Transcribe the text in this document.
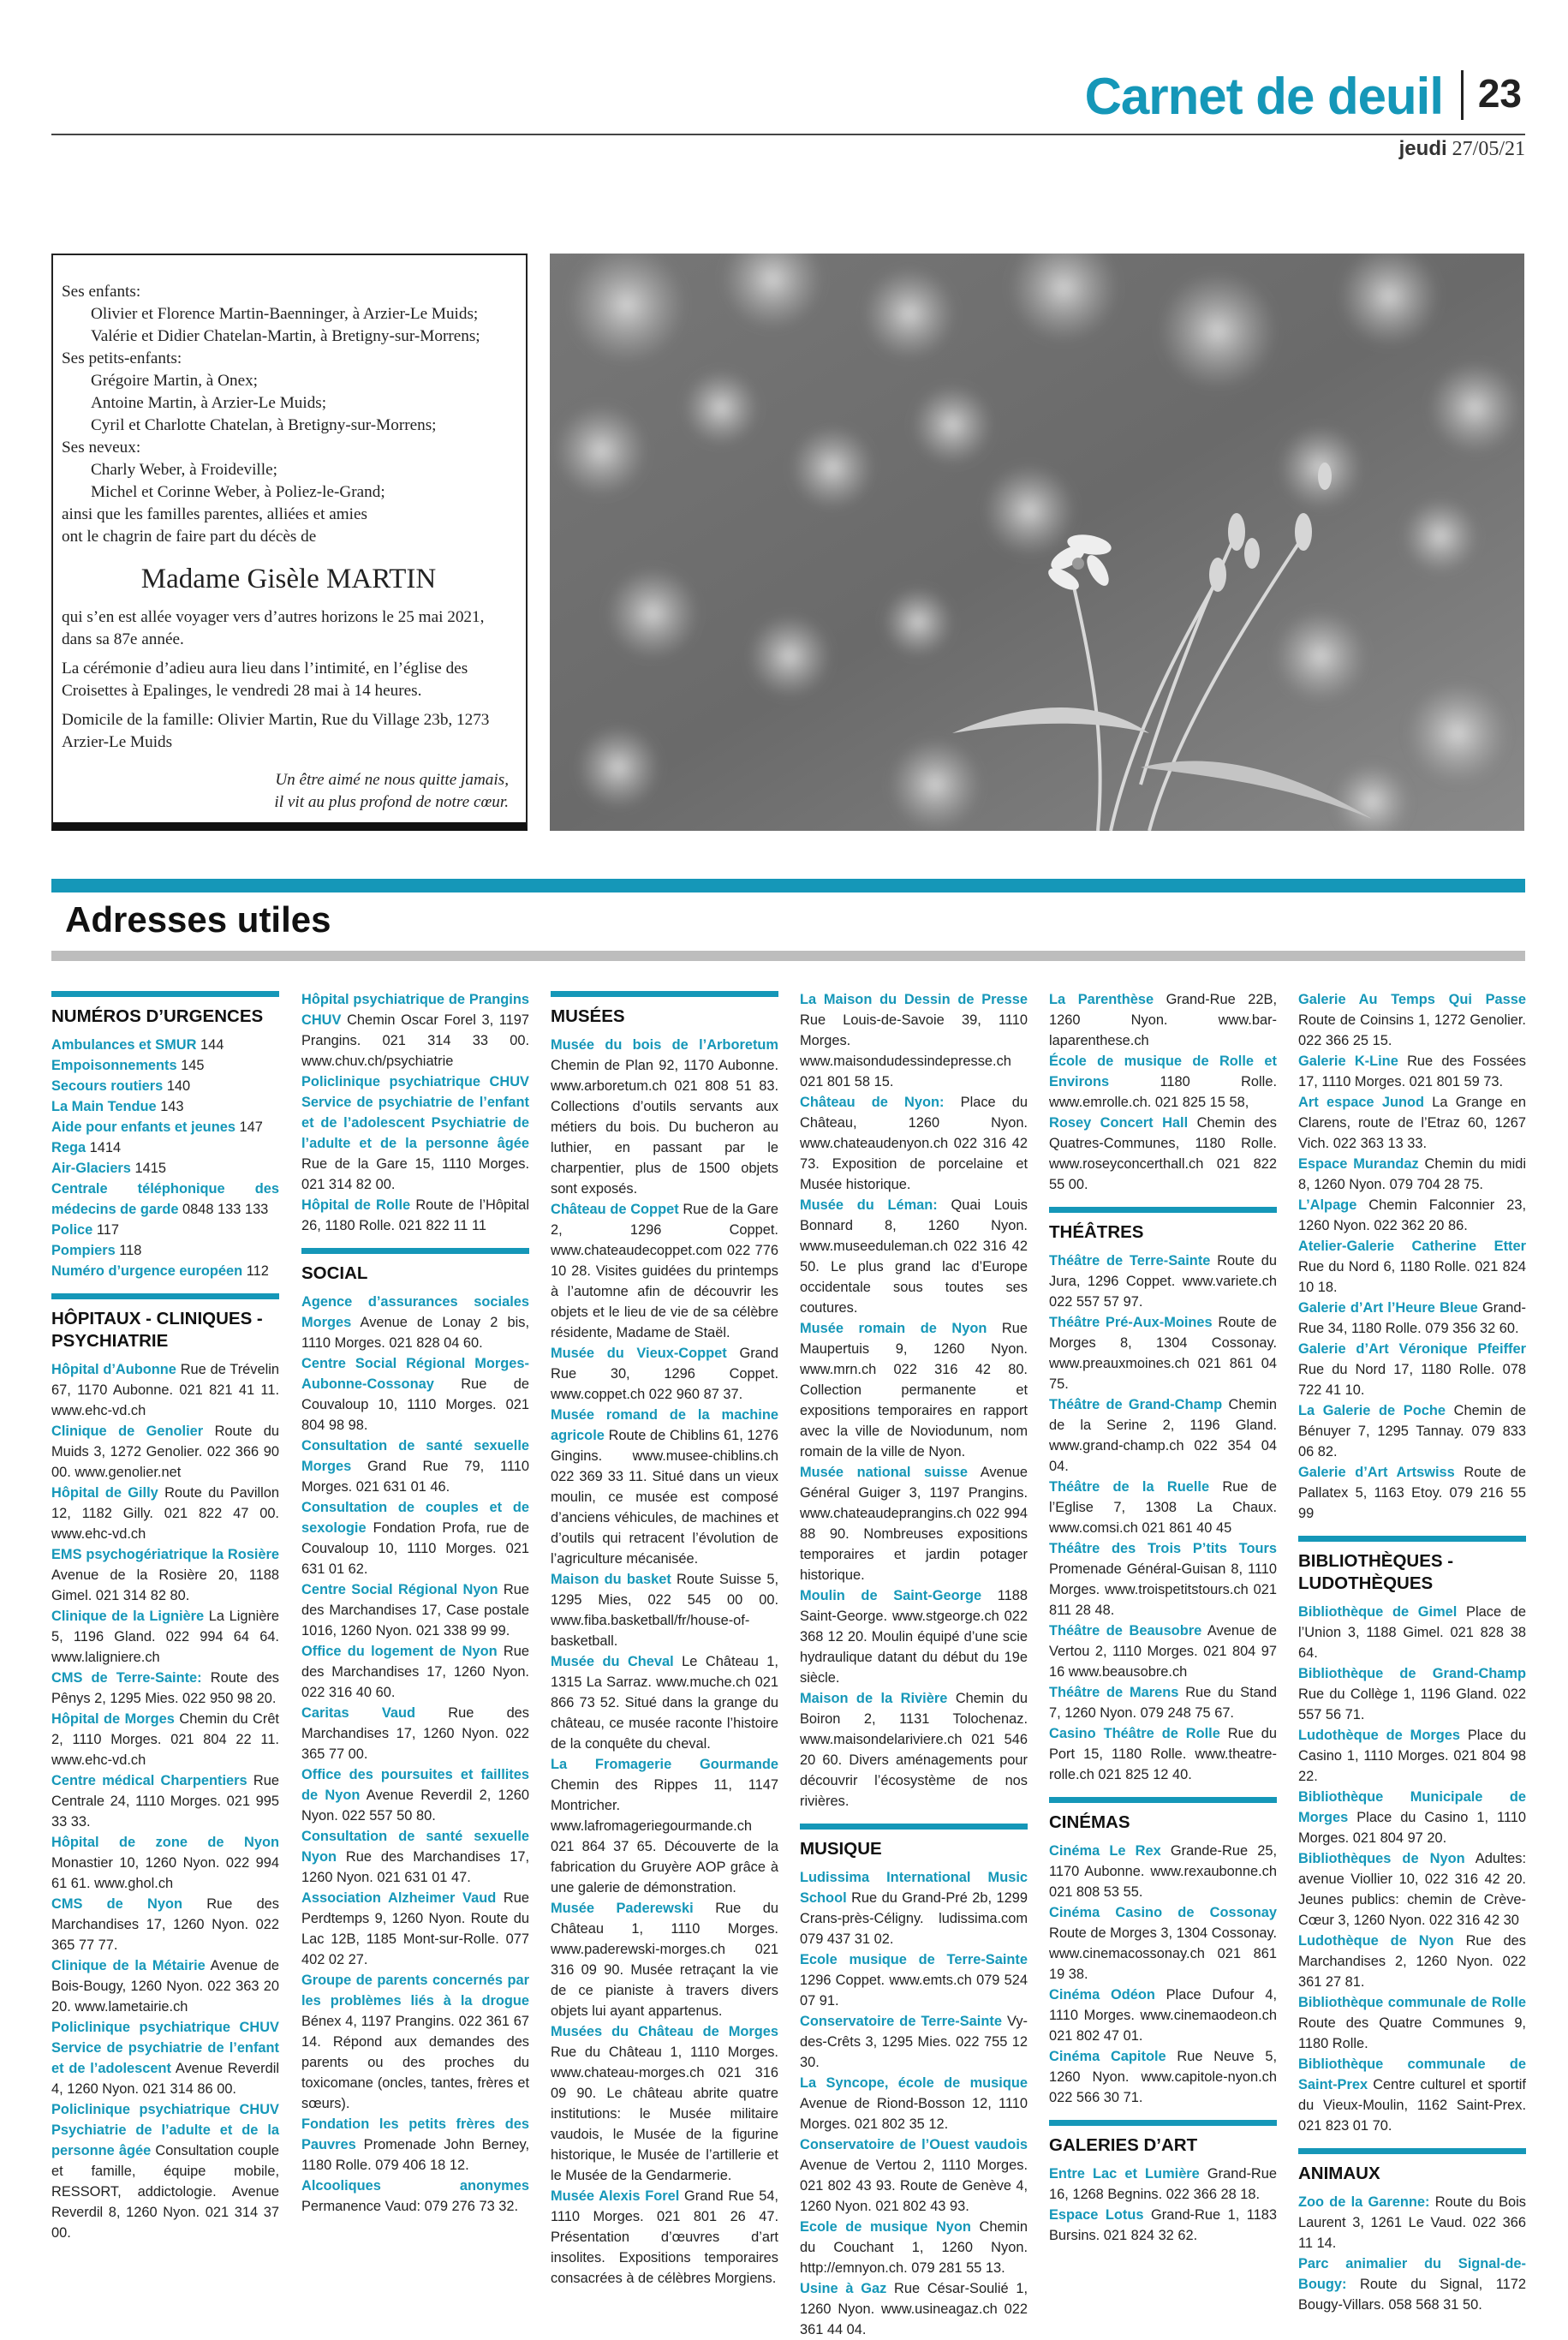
Carnet de deuil 23
jeudi 27/05/21
Ses enfants:
Olivier et Florence Martin-Baenninger, à Arzier-Le Muids;
Valérie et Didier Chatelan-Martin, à Bretigny-sur-Morrens;
Ses petits-enfants:
Grégoire Martin, à Onex;
Antoine Martin, à Arzier-Le Muids;
Cyril et Charlotte Chatelan, à Bretigny-sur-Morrens;
Ses neveux:
Charly Weber, à Froideville;
Michel et Corinne Weber, à Poliez-le-Grand;
ainsi que les familles parentes, alliées et amies
ont le chagrin de faire part du décès de
Madame Gisèle MARTIN
qui s’en est allée voyager vers d’autres horizons le 25 mai 2021, dans sa 87e année.
La cérémonie d’adieu aura lieu dans l’intimité, en l’église des Croisettes à Epalinges, le vendredi 28 mai à 14 heures.
Domicile de la famille: Olivier Martin, Rue du Village 23b, 1273 Arzier-Le Muids
Un être aimé ne nous quitte jamais,
il vit au plus profond de notre cœur.
Adresses utiles
NUMÉROS D’URGENCES

Ambulances et SMUR 144

Empoisonnements 145

Secours routiers 140

La Main Tendue 143

Aide pour enfants et jeunes 147

Rega 1414

Air-Glaciers 1415

Centrale téléphonique des médecins de garde 0848 133 133

Police 117

Pompiers 118

Numéro d’urgence européen 112

HÔPITAUX - CLINIQUES - PSYCHIATRIE

Hôpital d’Aubonne Rue de Trévelin 67, 1170 Aubonne. 021 821 41 11. www.ehc-vd.ch

Clinique de Genolier Route du Muids 3, 1272 Genolier. 022 366 90 00. www.genolier.net

Hôpital de Gilly Route du Pavillon 12, 1182 Gilly. 021 822 47 00. www.ehc-vd.ch

EMS psychogériatrique la Rosière Avenue de la Rosière 20, 1188 Gimel. 021 314 82 80.

Clinique de la Lignière La Lignière 5, 1196 Gland. 022 994 64 64. www.laligniere.ch

CMS de Terre-Sainte: Route des Pênys 2, 1295 Mies. 022 950 98 20.

Hôpital de Morges Chemin du Crêt 2, 1110 Morges. 021 804 22 11. www.ehc-vd.ch

Centre médical Charpentiers Rue Centrale 24, 1110 Morges. 021 995 33 33.

Hôpital de zone de Nyon Monastier 10, 1260 Nyon. 022 994 61 61. www.ghol.ch

CMS de Nyon Rue des Marchandises 17, 1260 Nyon. 022 365 77 77.

Clinique de la Métairie Avenue de Bois-Bougy, 1260 Nyon. 022 363 20 20. www.lametairie.ch

Policlinique psychiatrique CHUV Service de psychiatrie de l’enfant et de l’adolescent Avenue Reverdil 4, 1260 Nyon. 021 314 86 00.

Policlinique psychiatrique CHUV Psychiatrie de l’adulte et de la personne âgée Consultation couple et famille, équipe mobile, RESSORT, addictologie. Avenue Reverdil 8, 1260 Nyon. 021 314 37 00.

Hôpital psychiatrique de Prangins CHUV Chemin Oscar Forel 3, 1197 Prangins. 021 314 33 00. www.chuv.ch/psychiatrie

Policlinique psychiatrique CHUV Service de psychiatrie de l’enfant et de l’adolescent Psychiatrie de l’adulte et de la personne âgée Rue de la Gare 15, 1110 Morges. 021 314 82 00.

Hôpital de Rolle Route de l’Hôpital 26, 1180 Rolle. 021 822 11 11

SOCIAL

Agence d’assurances sociales Morges Avenue de Lonay 2 bis, 1110 Morges. 021 828 04 60.

Centre Social Régional Morges-Aubonne-Cossonay Rue de Couvaloup 10, 1110 Morges. 021 804 98 98.

Consultation de santé sexuelle Morges Grand Rue 79, 1110 Morges. 021 631 01 46.

Consultation de couples et de sexologie Fondation Profa, rue de Couvaloup 10, 1110 Morges. 021 631 01 62.

Centre Social Régional Nyon Rue des Marchandises 17, Case postale 1016, 1260 Nyon. 021 338 99 99.

Office du logement de Nyon Rue des Marchandises 17, 1260 Nyon. 022 316 40 60.

Caritas Vaud Rue des Marchandises 17, 1260 Nyon. 022 365 77 00.

Office des poursuites et faillites de Nyon Avenue Reverdil 2, 1260 Nyon. 022 557 50 80.

Consultation de santé sexuelle Nyon Rue des Marchandises 17, 1260 Nyon. 021 631 01 47.

Association Alzheimer Vaud Rue Perdtemps 9, 1260 Nyon. Route du Lac 12B, 1185 Mont-sur-Rolle. 077 402 02 27.

Groupe de parents concernés par les problèmes liés à la drogue Bénex 4, 1197 Prangins. 022 361 67 14. Répond aux demandes des parents ou des proches du toxicomane (oncles, tantes, frères et sœurs).

Fondation les petits frères des Pauvres Promenade John Berney, 1180 Rolle. 079 406 18 12.

Alcooliques anonymes Permanence Vaud: 079 276 73 32.

MUSÉES

Musée du bois de l’Arboretum Chemin de Plan 92, 1170 Aubonne. www.arboretum.ch 021 808 51 83. Collections d’outils servants aux métiers du bois. Du bucheron au luthier, en passant par le charpentier, plus de 1500 objets sont exposés.

Château de Coppet Rue de la Gare 2, 1296 Coppet. www.chateaudecoppet.com 022 776 10 28. Visites guidées du printemps à l’automne afin de découvrir les objets et le lieu de vie de sa célèbre résidente, Madame de Staël.

Musée du Vieux-Coppet Grand Rue 30, 1296 Coppet. www.coppet.ch 022 960 87 37.

Musée romand de la machine agricole Route de Chiblins 61, 1276 Gingins. www.musee-chiblins.ch 022 369 33 11. Situé dans un vieux moulin, ce musée est composé d’anciens véhicules, de machines et d’outils qui retracent l’évolution de l’agriculture mécanisée.

Maison du basket Route Suisse 5, 1295 Mies, 022 545 00 00. www.fiba.basketball/fr/house-of-basketball.

Musée du Cheval Le Château 1, 1315 La Sarraz. www.muche.ch 021 866 73 52. Situé dans la grange du château, ce musée raconte l’histoire de la conquête du cheval.

La Fromagerie Gourmande Chemin des Rippes 11, 1147 Montricher. www.lafromageriegourmande.ch 021 864 37 65. Découverte de la fabrication du Gruyère AOP grâce à une galerie de démonstration.

Musée Paderewski Rue du Château 1, 1110 Morges. www.paderewski-morges.ch 021 316 09 90. Musée retraçant la vie de ce pianiste à travers divers objets lui ayant appartenus.

Musées du Château de Morges Rue du Château 1, 1110 Morges. www.chateau-morges.ch 021 316 09 90. Le château abrite quatre institutions: le Musée militaire vaudois, le Musée de la figurine historique, le Musée de l’artillerie et le Musée de la Gendarmerie.

Musée Alexis Forel Grand Rue 54, 1110 Morges. 021 801 26 47. Présentation d’œuvres d’art insolites. Expositions temporaires consacrées à de célèbres Morgiens.

La Maison du Dessin de Presse Rue Louis-de-Savoie 39, 1110 Morges. www.maisondudessindepresse.ch 021 801 58 15.

Château de Nyon: Place du Château, 1260 Nyon. www.chateaudenyon.ch 022 316 42 73. Exposition de porcelaine et Musée historique.

Musée du Léman: Quai Louis Bonnard 8, 1260 Nyon. www.museeduleman.ch 022 316 42 50. Le plus grand lac d’Europe occidentale sous toutes ses coutures.

Musée romain de Nyon Rue Maupertuis 9, 1260 Nyon. www.mrn.ch 022 316 42 80. Collection permanente et expositions temporaires en rapport avec la ville de Noviodunum, nom romain de la ville de Nyon.

Musée national suisse Avenue Général Guiger 3, 1197 Prangins. www.chateaudeprangins.ch 022 994 88 90. Nombreuses expositions temporaires et jardin potager historique.

Moulin de Saint-George 1188 Saint-George. www.stgeorge.ch 022 368 12 20. Moulin équipé d’une scie hydraulique datant du début du 19e siècle.

Maison de la Rivière Chemin du Boiron 2, 1131 Tolochenaz. www.maisondelariviere.ch 021 546 20 60. Divers aménagements pour découvrir l’écosystème de nos rivières.

MUSIQUE

Ludissima International Music School Rue du Grand-Pré 2b, 1299 Crans-près-Céligny. ludissima.com 079 437 31 02.

Ecole musique de Terre-Sainte 1296 Coppet. www.emts.ch 079 524 07 91.

Conservatoire de Terre-Sainte Vy-des-Crêts 3, 1295 Mies. 022 755 12 30.

La Syncope, école de musique Avenue de Riond-Bosson 12, 1110 Morges. 021 802 35 12.

Conservatoire de l’Ouest vaudois Avenue de Vertou 2, 1110 Morges. 021 802 43 93. Route de Genève 4, 1260 Nyon. 021 802 43 93.

Ecole de musique Nyon Chemin du Couchant 1, 1260 Nyon. http://emnyon.ch. 079 281 55 13.

Usine à Gaz Rue César-Soulié 1, 1260 Nyon. www.usineagaz.ch 022 361 44 04.

La Parenthèse Grand-Rue 22B, 1260 Nyon. www.bar-laparenthese.ch

École de musique de Rolle et Environs 1180 Rolle. www.emrolle.ch. 021 825 15 58,

Rosey Concert Hall Chemin des Quatres-Communes, 1180 Rolle. www.roseyconcerthall.ch 021 822 55 00.

THÉÂTRES

Théâtre de Terre-Sainte Route du Jura, 1296 Coppet. www.variete.ch 022 557 57 97.

Théâtre Pré-Aux-Moines Route de Morges 8, 1304 Cossonay. www.preauxmoines.ch 021 861 04 75.

Théâtre de Grand-Champ Chemin de la Serine 2, 1196 Gland. www.grand-champ.ch 022 354 04 04.

Théâtre de la Ruelle Rue de l’Eglise 7, 1308 La Chaux. www.comsi.ch 021 861 40 45

Théâtre des Trois P’tits Tours Promenade Général-Guisan 8, 1110 Morges. www.troispetitstours.ch 021 811 28 48.

Théâtre de Beausobre Avenue de Vertou 2, 1110 Morges. 021 804 97 16 www.beausobre.ch

Théâtre de Marens Rue du Stand 7, 1260 Nyon. 079 248 75 67.

Casino Théâtre de Rolle Rue du Port 15, 1180 Rolle. www.theatre-rolle.ch 021 825 12 40.

CINÉMAS

Cinéma Le Rex Grande-Rue 25, 1170 Aubonne. www.rexaubonne.ch 021 808 53 55.

Cinéma Casino de Cossonay Route de Morges 3, 1304 Cossonay. www.cinemacossonay.ch 021 861 19 38.

Cinéma Odéon Place Dufour 4, 1110 Morges. www.cinemaodeon.ch 021 802 47 01.

Cinéma Capitole Rue Neuve 5, 1260 Nyon. www.capitole-nyon.ch 022 566 30 71.

GALERIES D’ART

Entre Lac et Lumière Grand-Rue 16, 1268 Begnins. 022 366 28 18.

Espace Lotus Grand-Rue 1, 1183 Bursins. 021 824 32 62.

Galerie Au Temps Qui Passe Route de Coinsins 1, 1272 Genolier. 022 366 25 15.

Galerie K-Line Rue des Fossées 17, 1110 Morges. 021 801 59 73.

Art espace Junod La Grange en Clarens, route de l’Etraz 60, 1267 Vich. 022 363 13 33.

Espace Murandaz Chemin du midi 8, 1260 Nyon. 079 704 28 75.

L’Alpage Chemin Falconnier 23, 1260 Nyon. 022 362 20 86.

Atelier-Galerie Catherine Etter Rue du Nord 6, 1180 Rolle. 021 824 10 18.

Galerie d’Art l’Heure Bleue Grand-Rue 34, 1180 Rolle. 079 356 32 60.

Galerie d’Art Véronique Pfeiffer Rue du Nord 17, 1180 Rolle. 078 722 41 10.

La Galerie de Poche Chemin de Bénuyer 7, 1295 Tannay. 079 833 06 82.

Galerie d’Art Artswiss Route de Pallatex 5, 1163 Etoy. 079 216 55 99

BIBLIOTHÈQUES - LUDOTHÈQUES

Bibliothèque de Gimel Place de l’Union 3, 1188 Gimel. 021 828 38 64.

Bibliothèque de Grand-Champ Rue du Collège 1, 1196 Gland. 022 557 56 71.

Ludothèque de Morges Place du Casino 1, 1110 Morges. 021 804 98 22.

Bibliothèque Municipale de Morges Place du Casino 1, 1110 Morges. 021 804 97 20.

Bibliothèques de Nyon Adultes: avenue Viollier 10, 022 316 42 20. Jeunes publics: chemin de Crève-Cœur 3, 1260 Nyon. 022 316 42 30

Ludothèque de Nyon Rue des Marchandises 2, 1260 Nyon. 022 361 27 81.

Bibliothèque communale de Rolle Route des Quatre Communes 9, 1180 Rolle.

Bibliothèque communale de Saint-Prex Centre culturel et sportif du Vieux-Moulin, 1162 Saint-Prex. 021 823 01 70.

ANIMAUX

Zoo de la Garenne: Route du Bois Laurent 3, 1261 Le Vaud. 022 366 11 14.

Parc animalier du Signal-de-Bougy: Route du Signal, 1172 Bougy-Villars. 058 568 31 50.
